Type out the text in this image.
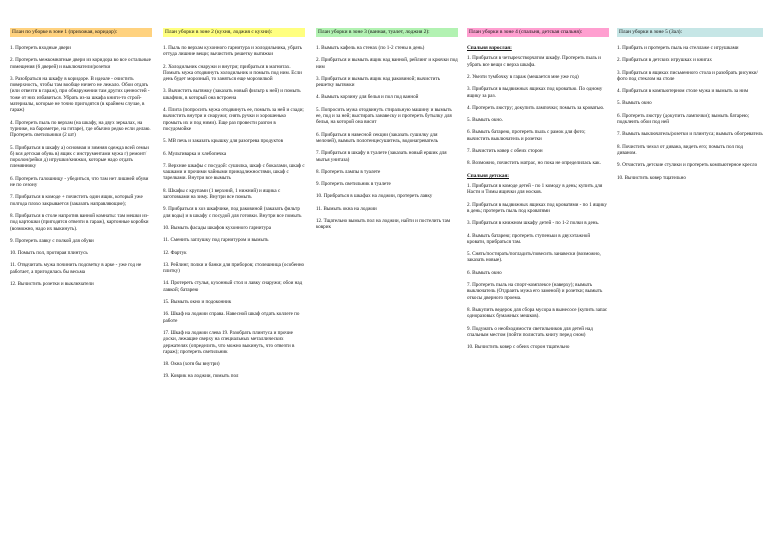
План по уборке в зоне 1 (прихожая, коридор):
1. Протереть входные двери
2. Протереть межкомнатные двери из коридора во все остальные помещения (6 дверей) и выключатели/розетки
3. Разобраться на шкафу в коридоре. В идеале - очистить поверхность, чтобы там вообще ничего не лежало. Обои отдать (или отвезти в гараж), при обнаружении там других ценностей - тоже от них избавиться. Убрать из-за шкафа книги-то строй-материалы, которые не точно пригодятся (в крайнем случае, в гараж)
4. Протереть пыль по верхам (на шкафу, на двух зеркалах, на турнике, на барометре, на гитаре), где обычно редко если делаю. Протереть светильники (2 шт)
5. Прибраться в шкафу а) основная и зимняя одежда всей семьи б) вся детская обувь в) ящик с инструментами мужа г) ремонт/поролон/рейки д) игрушки/книжки, которые надо отдать племяннику
6. Протереть галошницу - убедиться, что там нет лишней обуви не по сезону
7. Прибраться в комоде + почистить один ящик, который уже полгода плохо закрывается (заказать направляющие);
8. Прибраться в столе напротив ванной комнаты: там мешки из-под картошки (пригодятся отвезти в гараж), картонные коробки (возможно, надо их выкинуть).
9. Протереть лавку с полкой для обуви
10. Помыть пол, протирая плинтусь
11. Отвдчитать мужа починить подсветку в арке - уже год не работает, а пригодилась бы весьма
12. Вычистить розетки и выключатели
План уборки в зоне 2 (кухня, лоджия с кухни):
1. Пыль по верхам кухонного гарнитура и холодильника, убрать оттуда лишние вещи; вычистить решетку вытяжки
2. Холодильник снаружи и внутри; прибраться в магнитах. Помыть мужа отодвинуть холодильник и помыть под ним. Если день будет морозный, то заняться еще морозилкой
3. Вычистить вытяжку (заказать новый фильтр к ней) и помыть шкафчик, в который она встроена
4. Плита (попросить мужа отодвинуть ее, помыть за ней и сзади; вычистить внутри и снаружи; снять ручки и хорошенько промыть их и под ними). Еще раз провести разгон в посудомойке
5. МВ печь и заказать крышку для разогрева продуктов
6. Мультиварка и хлебопечка
7. Верхние шкафы с посудой: сушилка, шкаф с бокалами, шкаф с чашками и прочими чайными принадлежностями, шкаф с тарелками. Внутри все вымыть
8. Шкафы с крупами (1 верхний, 1 нижний) и ящика с заготовками на зиму. Внутри все помыть
9. Прибраться в хоз шкафчике, под раковиной (заказать фильтр для воды) и в шкафу с посудой для готовки. Внутри все помыть
10. Вымыть фасады шкафов кухонного гарнитура
11. Сменить заглушку под гарнитуром и вымыть
12. Фартук
13. Рейлинг, полки и банки для приборов; столешница (особенно плитку)
14. Протереть стулья, кухонный стол и лавку снаружи; обои над лавкой; батарею
15. Вымыть окно и подоконник
16. Шкаф на лоджии справа. Навесной шкаф отдать коллеге по работе
17. Шкаф на лоджии слева 19. Разобрать плинтуса и прочие доски, лежащие сверху на специальных металлических держателях (определить, что можно выкинуть, что отвезти в гараж); протереть светильник
18. Окна (хотя бы внутри)
19. Коврик на лоджии, помыть пол
План уборки в зоне 3 (ванная, туалет, лоджия 2):
1. Вымыть кафель на стенах (по 1-2 стены в день)
2. Прибраться и вымыть ящик над ванной, рейлинг и крючки под ним
3. Прибраться и вымыть ящик над раковиной; вычистить решетку вытяжки
4. Вымыть корзину для белья и пол под ванной
5. Попросить мужа отодвинуть стиральную машину и вымыть ее, под и за ней; выстирать занавеску и протереть бутылку для белья, на которой она висит
6. Прибраться в навесной секции (заказать сушилку для мелочей), вымыть полотенцесушитель, водонагреватель
7. Прибраться в шкафу в туалете (заказать новый ершик для мытья унитаза)
8. Протереть лампы в туалете
9. Протереть светильник в туалете
10. Прибраться в шкафах на лоджии, протереть лавку
11. Вымыть окна на лоджии
12. Тщательно вымыть пол на лоджии, найти и постелить там коврик
План уборки в зоне 4 (спальня, детская спальня):
Спальня взрослая:
1. Прибраться в четырехстворчатом шкафу. Протереть пыль и убрать все вещи с верха шкафа.
2. Увезти тумбочку в гараж (мешается мне уже год)
3. Прибраться в выдвижных ящиках под кроватью. По одному ящику за раз.
4. Протереть люстру; докупить лампочки; помыть за кроватью.
5. Вымыть окно.
6. Вымыть батарею, протереть пыль с рамок для фото; вычистить выключатель и розетки
7. Вычистить ковер с обеих сторон
8. Возможно, почистить матрас, но пока не определилась как.
Спальня детская:
1. Прибраться в комоде детей - по 1 комоду в день; купить для Насти и Тимы ящички для носков.
2. Прибраться в выдвижных ящиках под кроватями - по 1 ящику в день; протереть пыль под кроватями
3. Прибраться в книжном шкафу детей - по 1-2 полки в день.
4. Вымыть батарею; протереть ступеньки в двухэтажной кровати, прибраться там.
5. Снять/постирать/погладить/повесить занавески (возможно, заказать новые).
6. Вымыть окно
7. Протереть пыль на спорт-комплексе (наверху); вымыть выключатель (Отдраить мужа его заменой) и розетки; вымыть откосы дверного проема.
8. Выкупить ведерок для сбора мусора в вынесосе (купить запас одноразовых бумажных мешков).
9. Подумать о необходимости светильников для детей над спальным местом (пойти полистать книгу перед сном)
10. Вычистить ковер с обеих сторон тщательно
План уборки в зоне 5 (Зал):
1. Прибрать и протереть пыль на стеллаже с игрушками
2. Прибраться в детских игрушках и книгах
3. Прибраться в ящиках письменного стола и разобрать рисунки/фото под стеклом на столе
4. Прибраться в компьютерном столе мужа и вымыть за ним
5. Вымыть окно
6. Протереть люстру (докупить лампочки); вымыть батарею; подклеить обои под ней
7. Вымыть выключатель/розетки и плинтуса; вымыть обогреватель
8. Почистить чехол от дивана, видеть его; помыть пол под диваном.
9. Отчистить детские стулики и протереть компьютерное кресло
10. Вычистить ковер тщательно
